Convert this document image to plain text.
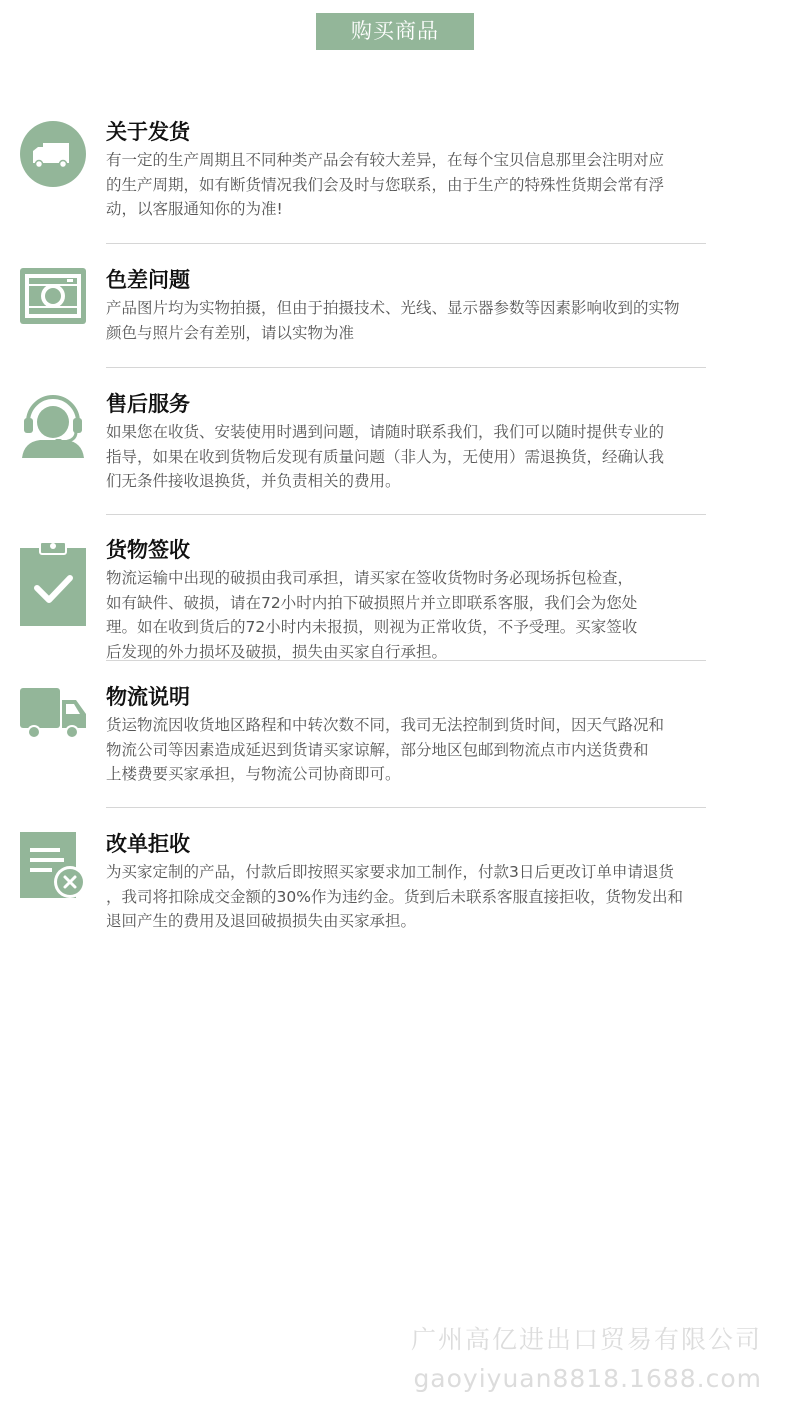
购买商品
关于发货

有一定的生产周期且不同种类产品会有较大差异，在每个宝贝信息那里会注明对应

的生产周期，如有断货情况我们会及时与您联系，由于生产的特殊性货期会常有浮

动，以客服通知你的为准!

色差问题

产品图片均为实物拍摄，但由于拍摄技术、光线、显示器参数等因素影响收到的实物

颜色与照片会有差别，请以实物为准

售后服务

如果您在收货、安装使用时遇到问题，请随时联系我们，我们可以随时提供专业的

指导，如果在收到货物后发现有质量问题（非人为，无使用）需退换货，经确认我

们无条件接收退换货，并负责相关的费用。

货物签收

物流运输中出现的破损由我司承担，请买家在签收货物时务必现场拆包检查，

如有缺件、破损，请在72小时内拍下破损照片并立即联系客服，我们会为您处

理。如在收到货后的72小时内未报损，则视为正常收货，不予受理。买家签收

后发现的外力损坏及破损，损失由买家自行承担。

物流说明

货运物流因收货地区路程和中转次数不同，我司无法控制到货时间，因天气路况和

物流公司等因素造成延迟到货请买家谅解，部分地区包邮到物流点市内送货费和

上楼费要买家承担，与物流公司协商即可。

改单拒收

为买家定制的产品，付款后即按照买家要求加工制作，付款3日后更改订单申请退货

，我司将扣除成交金额的30%作为违约金。货到后未联系客服直接拒收，货物发出和

退回产生的费用及退回破损损失由买家承担。

广州高亿进出口贸易有限公司
gaoyiyuan8818.1688.com
